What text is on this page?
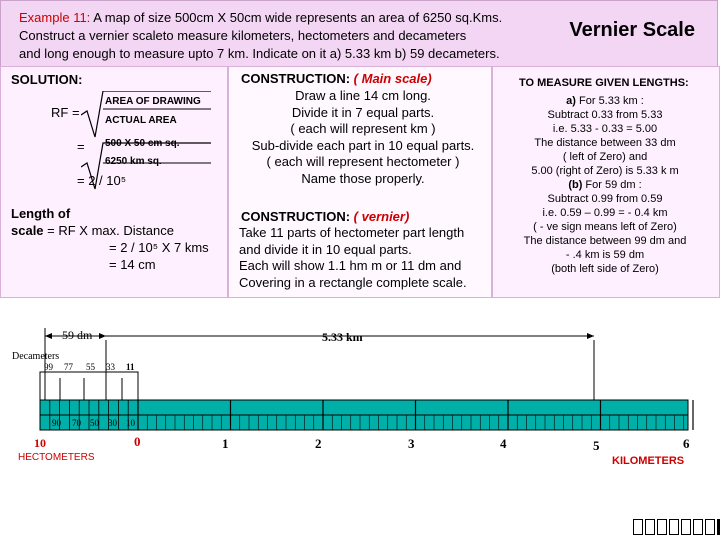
Example 11: A map of size 500cm X 50cm wide represents an area of 6250 sq.Kms.
Construct a vernier scaleto measure kilometers, hectometers and decameters
and long enough to measure upto 7 km. Indicate on it a) 5.33 km b) 59 decameters.
Vernier Scale
SOLUTION:
RF =
AREA OF DRAWING
ACTUAL AREA
= 500 X 50 cm sq.
6250 km sq.
= 2 / 10⁵
Length of
scale = RF X max. Distance
= 2 / 10⁵ X 7 kms
= 14 cm
CONSTRUCTION: ( Main scale)
Draw a line 14 cm long.
Divide it in 7 equal parts.
( each will represent km )
Sub-divide each part in 10 equal parts.
( each will represent hectometer )
Name those properly.
CONSTRUCTION: ( vernier)
Take 11 parts of hectometer part length
and divide it in 10 equal parts.
Each will show 1.1 hm m or 11 dm and
Covering in a rectangle complete scale.
TO MEASURE GIVEN LENGTHS:
a) For 5.33 km :
Subtract 0.33 from 5.33
i.e. 5.33 - 0.33 = 5.00
The distance between 33 dm
( left of Zero) and
5.00 (right of Zero) is 5.33 k m
(b) For 59 dm :
Subtract 0.99 from 0.59
i.e. 0.59 – 0.99 = - 0.4 km
( - ve sign means left of Zero)
The distance between 99 dm and
- .4 km is 59 dm
(both left side of Zero)
59 dm	5.33 km
Decameters
99 77 55 33 11
90 70 50 30 10
10
HECTOMETERS
0	1	2	3	4	5	6
KILOMETERS
